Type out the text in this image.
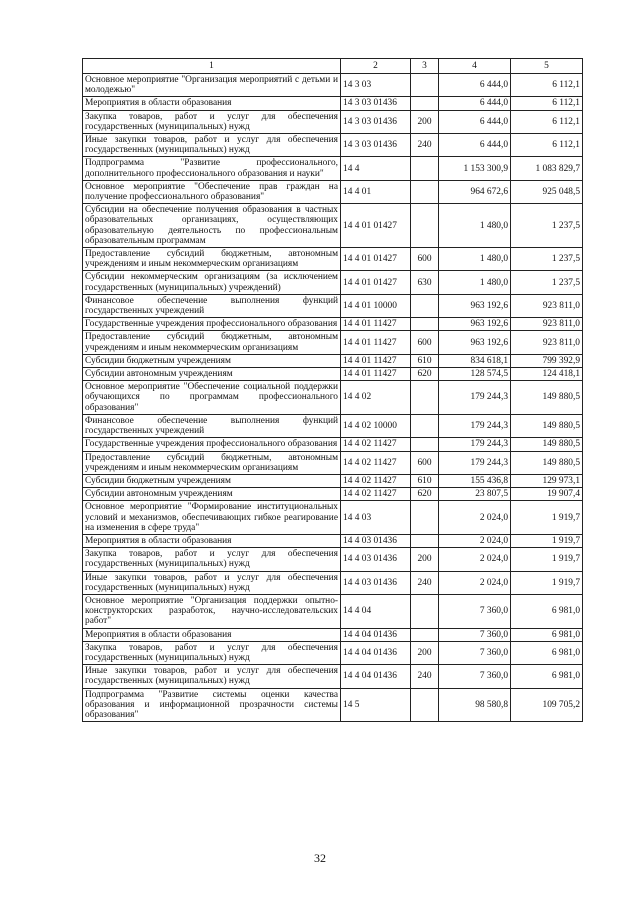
1	2	3	4	5
Основное мероприятие "Организация мероприятий с детьми и молодежью"	14 3 03		6 444,0	6 112,1
Мероприятия в области образования	14 3 03 01436		6 444,0	6 112,1
Закупка товаров, работ и услуг для обеспечения государственных (муниципальных) нужд	14 3 03 01436	200	6 444,0	6 112,1
Иные закупки товаров, работ и услуг для обеспечения государственных (муниципальных) нужд	14 3 03 01436	240	6 444,0	6 112,1
Подпрограмма "Развитие профессионального, дополнительного профессионального образования и науки"	14 4		1 153 300,9	1 083 829,7
Основное мероприятие "Обеспечение прав граждан на получение профессионального образования"	14 4 01		964 672,6	925 048,5
Субсидии на обеспечение получения образования в частных образовательных организациях, осуществляющих образовательную деятельность по профессиональным образовательным программам	14 4 01 01427		1 480,0	1 237,5
Предоставление субсидий бюджетным, автономным учреждениям и иным некоммерческим организациям	14 4 01 01427	600	1 480,0	1 237,5
Субсидии некоммерческим организациям (за исключением государственных (муниципальных) учреждений)	14 4 01 01427	630	1 480,0	1 237,5
Финансовое обеспечение выполнения функций государственных учреждений	14 4 01 10000		963 192,6	923 811,0
Государственные учреждения профессионального образования	14 4 01 11427		963 192,6	923 811,0
Предоставление субсидий бюджетным, автономным учреждениям и иным некоммерческим организациям	14 4 01 11427	600	963 192,6	923 811,0
Субсидии бюджетным учреждениям	14 4 01 11427	610	834 618,1	799 392,9
Субсидии автономным учреждениям	14 4 01 11427	620	128 574,5	124 418,1
Основное мероприятие "Обеспечение социальной поддержки обучающихся по программам профессионального образования"	14 4 02		179 244,3	149 880,5
Финансовое обеспечение выполнения функций государственных учреждений	14 4 02 10000		179 244,3	149 880,5
Государственные учреждения профессионального образования	14 4 02 11427		179 244,3	149 880,5
Предоставление субсидий бюджетным, автономным учреждениям и иным некоммерческим организациям	14 4 02 11427	600	179 244,3	149 880,5
Субсидии бюджетным учреждениям	14 4 02 11427	610	155 436,8	129 973,1
Субсидии автономным учреждениям	14 4 02 11427	620	23 807,5	19 907,4
Основное мероприятие "Формирование институциональных условий и механизмов, обеспечивающих гибкое реагирование на изменения в сфере труда"	14 4 03		2 024,0	1 919,7
Мероприятия в области образования	14 4 03 01436		2 024,0	1 919,7
Закупка товаров, работ и услуг для обеспечения государственных (муниципальных) нужд	14 4 03 01436	200	2 024,0	1 919,7
Иные закупки товаров, работ и услуг для обеспечения государственных (муниципальных) нужд	14 4 03 01436	240	2 024,0	1 919,7
Основное мероприятие "Организация поддержки опытно-конструкторских разработок, научно-исследовательских работ"	14 4 04		7 360,0	6 981,0
Мероприятия в области образования	14 4 04 01436		7 360,0	6 981,0
Закупка товаров, работ и услуг для обеспечения государственных (муниципальных) нужд	14 4 04 01436	200	7 360,0	6 981,0
Иные закупки товаров, работ и услуг для обеспечения государственных (муниципальных) нужд	14 4 04 01436	240	7 360,0	6 981,0
Подпрограмма "Развитие системы оценки качества образования и информационной прозрачности системы образования"	14 5		98 580,8	109 705,2
32
